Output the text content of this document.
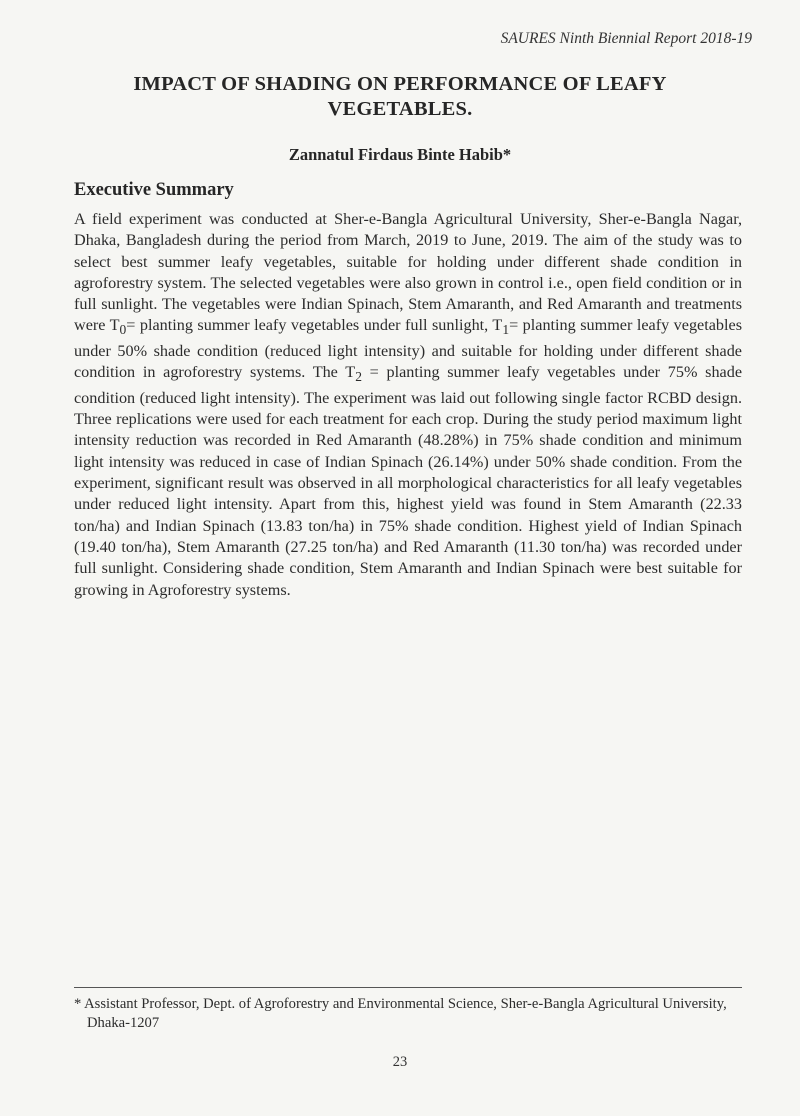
SAURES Ninth Biennial Report 2018-19
IMPACT OF SHADING ON PERFORMANCE OF LEAFY VEGETABLES.
Zannatul Firdaus Binte Habib*
Executive Summary
A field experiment was conducted at Sher-e-Bangla Agricultural University, Sher-e-Bangla Nagar, Dhaka, Bangladesh during the period from March, 2019 to June, 2019. The aim of the study was to select best summer leafy vegetables, suitable for holding under different shade condition in agroforestry system. The selected vegetables were also grown in control i.e., open field condition or in full sunlight. The vegetables were Indian Spinach, Stem Amaranth, and Red Amaranth and treatments were $T_0=$ planting summer leafy vegetables under full sunlight, $T_1=$ planting summer leafy vegetables under 50% shade condition (reduced light intensity) and suitable for holding under different shade condition in agroforestry systems. The $T_2$ = planting summer leafy vegetables under 75% shade condition (reduced light intensity). The experiment was laid out following single factor RCBD design. Three replications were used for each treatment for each crop. During the study period maximum light intensity reduction was recorded in Red Amaranth (48.28%) in 75% shade condition and minimum light intensity was reduced in case of Indian Spinach (26.14%) under 50% shade condition. From the experiment, significant result was observed in all morphological characteristics for all leafy vegetables under reduced light intensity. Apart from this, highest yield was found in Stem Amaranth (22.33 ton/ha) and Indian Spinach (13.83 ton/ha) in 75% shade condition. Highest yield of Indian Spinach (19.40 ton/ha), Stem Amaranth (27.25 ton/ha) and Red Amaranth (11.30 ton/ha) was recorded under full sunlight. Considering shade condition, Stem Amaranth and Indian Spinach were best suitable for growing in Agroforestry systems.
* Assistant Professor, Dept. of Agroforestry and Environmental Science, Sher-e-Bangla Agricultural University, Dhaka-1207
23
